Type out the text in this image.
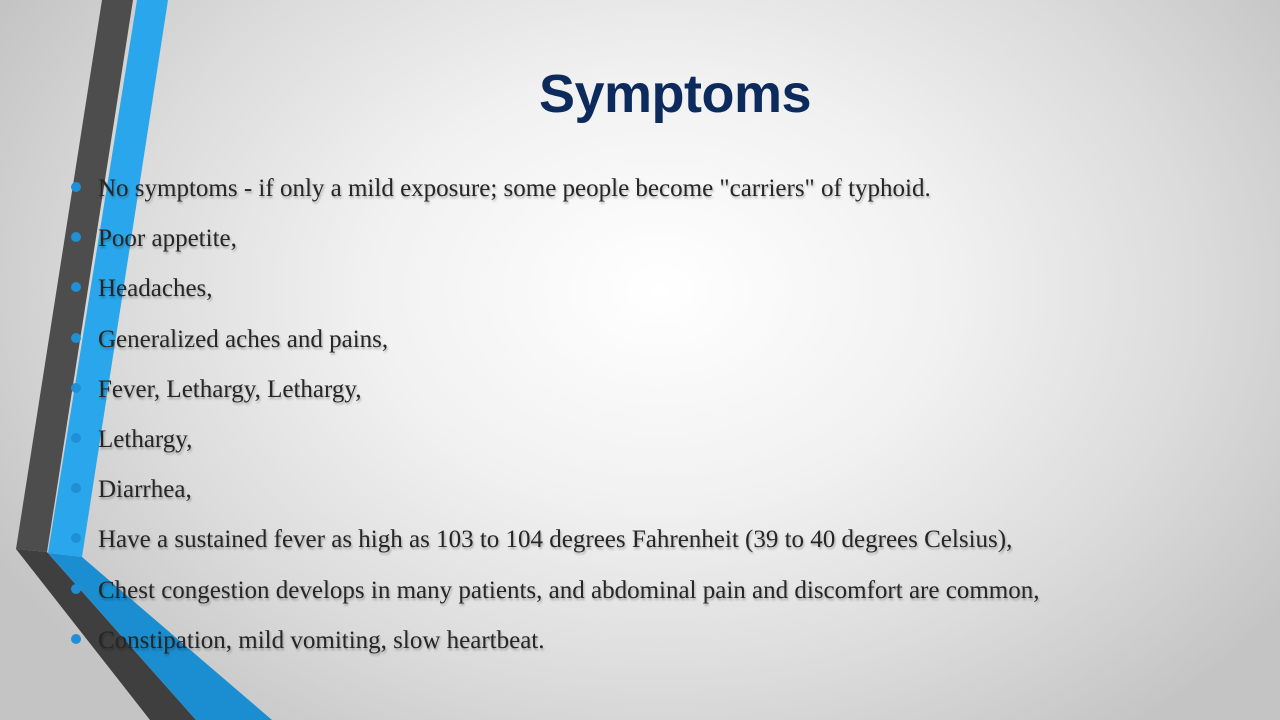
Symptoms
No symptoms - if only a mild exposure; some people become "carriers" of typhoid.
Poor appetite,
Headaches,
Generalized aches and pains,
Fever, Lethargy, Lethargy,
Lethargy,
Diarrhea,
Have a sustained fever as high as 103 to 104 degrees Fahrenheit (39 to 40 degrees Celsius),
Chest congestion develops in many patients, and abdominal pain and discomfort are common,
Constipation, mild vomiting, slow heartbeat.
